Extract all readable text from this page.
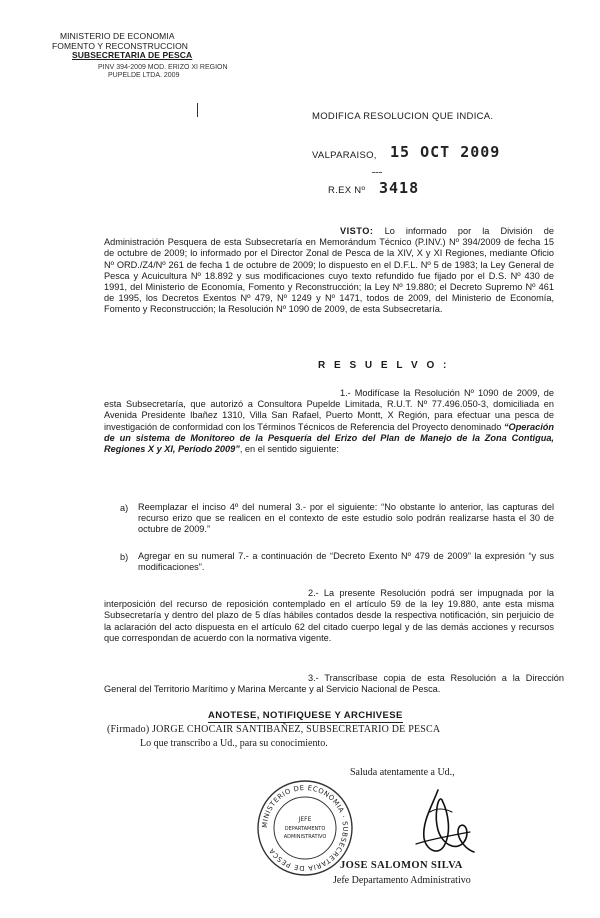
MINISTERIO DE ECONOMIA
FOMENTO Y RECONSTRUCCION
SUBSECRETARIA DE PESCA
PINV 394-2009 MOD. ERIZO XI REGION
PUPELDE LTDA. 2009
MODIFICA RESOLUCION QUE INDICA.
VALPARAISO, 15 OCT 2009
R.EX Nº 3418
VISTO: Lo informado por la División de Administración Pesquera de esta Subsecretaría en Memorándum Técnico (P.INV.) Nº 394/2009 de fecha 15 de octubre de 2009; lo informado por el Director Zonal de Pesca de la XIV, X y XI Regiones, mediante Oficio Nº ORD./Z4/Nº 261 de fecha 1 de octubre de 2009; lo dispuesto en el D.F.L. Nº 5 de 1983; la Ley General de Pesca y Acuicultura Nº 18.892 y sus modificaciones cuyo texto refundido fue fijado por el D.S. Nº 430 de 1991, del Ministerio de Economía, Fomento y Reconstrucción; la Ley Nº 19.880; el Decreto Supremo Nº 461 de 1995, los Decretos Exentos Nº 479, Nº 1249 y Nº 1471, todos de 2009, del Ministerio de Economía, Fomento y Reconstrucción; la Resolución Nº 1090 de 2009, de esta Subsecretaría.
R E S U E L V O :
1.- Modifícase la Resolución Nº 1090 de 2009, de esta Subsecretaría, que autorizó a Consultora Pupelde Limitada, R.U.T. Nº 77.496.050-3, domiciliada en Avenida Presidente Ibañez 1310, Villa San Rafael, Puerto Montt, X Región, para efectuar una pesca de investigación de conformidad con los Términos Técnicos de Referencia del Proyecto denominado “Operación de un sistema de Monitoreo de la Pesquería del Erizo del Plan de Manejo de la Zona Contigua, Regiones X y XI, Período 2009”, en el sentido siguiente:
a) Reemplazar el inciso 4º del numeral 3.- por el siguiente: “No obstante lo anterior, las capturas del recurso erizo que se realicen en el contexto de este estudio solo podrán realizarse hasta el 30 de octubre de 2009.”
b) Agregar en su numeral 7.- a continuación de “Decreto Exento Nº 479 de 2009” la expresión “y sus modificaciones”.
2.- La presente Resolución podrá ser impugnada por la interposición del recurso de reposición contemplado en el artículo 59 de la ley 19.880, ante esta misma Subsecretaría y dentro del plazo de 5 días hábiles contados desde la respectiva notificación, sin perjuicio de la aclaración del acto dispuesta en el artículo 62 del citado cuerpo legal y de las demás acciones y recursos que correspondan de acuerdo con la normativa vigente.
3.- Transcríbase copia de esta Resolución a la Dirección General del Territorio Marítimo y Marina Mercante y al Servicio Nacional de Pesca.
ANOTESE, NOTIFIQUESE Y ARCHIVESE
(Firmado) JORGE CHOCAIR SANTIBAÑEZ, SUBSECRETARIO DE PESCA
Lo que transcribo a Ud., para su conocimiento.
Saluda atentamente a Ud.,
MINISTERIO DE ECONOMIA · SUBSECRETARIA DE PESCA
JEFE
DEPARTAMENTO
ADMINISTRATIVO
JOSE SALOMON SILVA
Jefe Departamento Administrativo
